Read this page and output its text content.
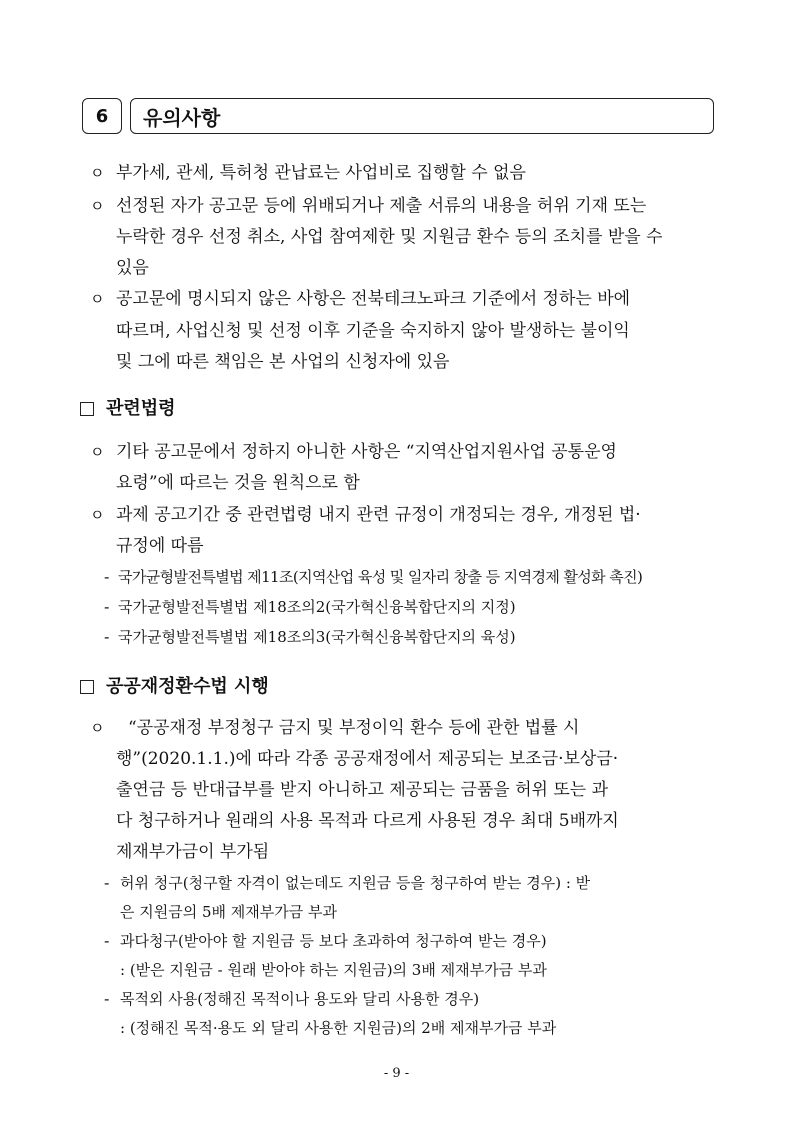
6	유의사항
ㅇ 부가세, 관세, 특허청 관납료는 사업비로 집행할 수 없음
ㅇ 선정된 자가 공고문 등에 위배되거나 제출 서류의 내용을 허위 기재 또는
누락한 경우 선정 취소, 사업 참여제한 및 지원금 환수 등의 조치를 받을 수
있음
ㅇ 공고문에 명시되지 않은 사항은 전북테크노파크 기준에서 정하는 바에
따르며, 사업신청 및 선정 이후 기준을 숙지하지 않아 발생하는 불이익
및 그에 따른 책임은 본 사업의 신청자에 있음
관련법령
ㅇ 기타 공고문에서 정하지 아니한 사항은 “지역산업지원사업 공통운영
요령”에 따르는 것을 원칙으로 함
ㅇ 과제 공고기간 중 관련법령 내지 관련 규정이 개정되는 경우, 개정된 법·
규정에 따름
- 국가균형발전특별법 제11조(지역산업 육성 및 일자리 창출 등 지역경제 활성화 촉진)
- 국가균형발전특별법 제18조의2(국가혁신융복합단지의 지정)
- 국가균형발전특별법 제18조의3(국가혁신융복합단지의 육성)
공공재정환수법 시행
ㅇ “공공재정 부정청구 금지 및 부정이익 환수 등에 관한 법률 시
행”(2020.1.1.)에 따라 각종 공공재정에서 제공되는 보조금·보상금·
출연금 등 반대급부를 받지 아니하고 제공되는 금품을 허위 또는 과
다 청구하거나 원래의 사용 목적과 다르게 사용된 경우 최대 5배까지
제재부가금이 부가됨
- 허위 청구(청구할 자격이 없는데도 지원금 등을 청구하여 받는 경우) : 받
은 지원금의 5배 제재부가금 부과
- 과다청구(받아야 할 지원금 등 보다 초과하여 청구하여 받는 경우)
: (받은 지원금 - 원래 받아야 하는 지원금)의 3배 제재부가금 부과
- 목적외 사용(정해진 목적이나 용도와 달리 사용한 경우)
: (정해진 목적·용도 외 달리 사용한 지원금)의 2배 제재부가금 부과
- 9 -
